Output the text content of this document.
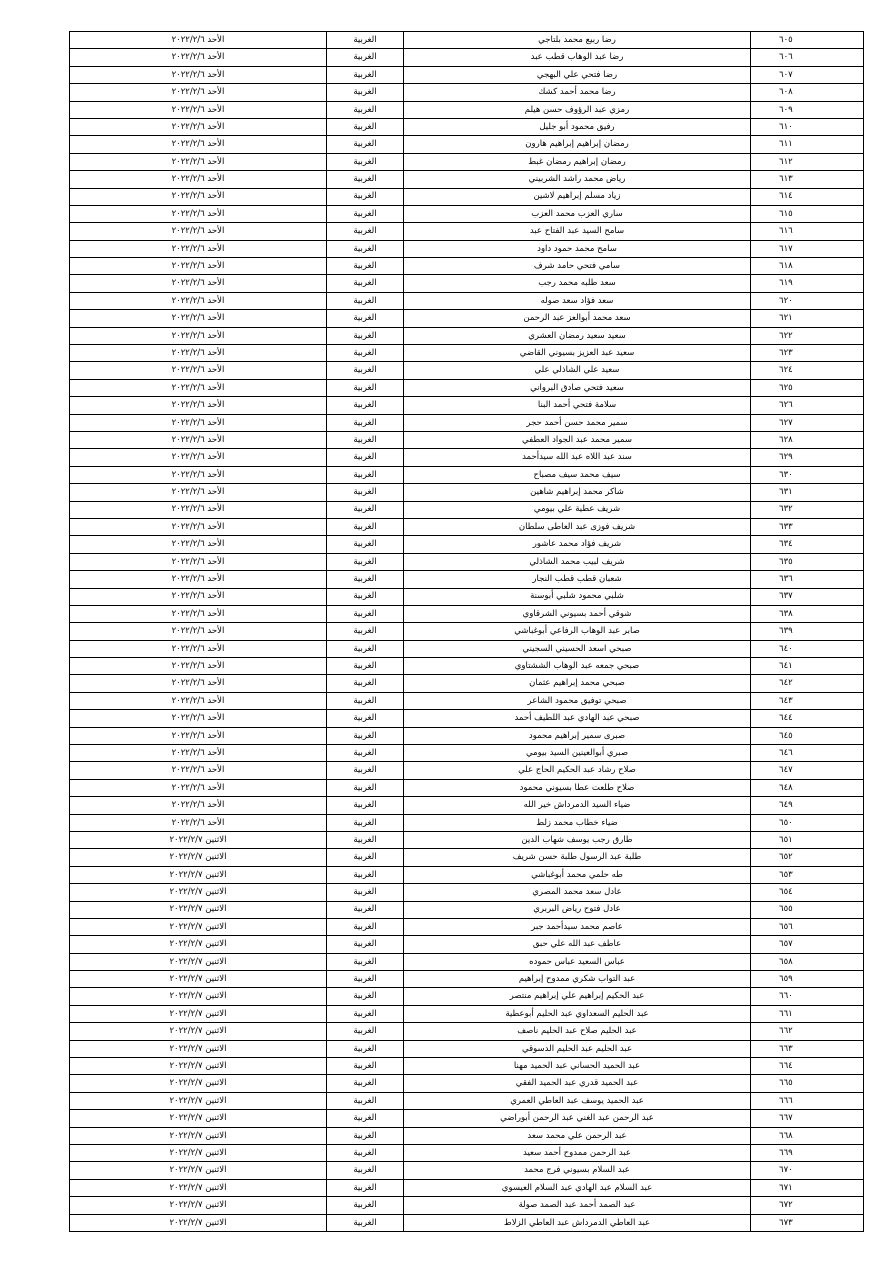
الأحد ٢٠٢٢/٢/٦	الغربية	رضا ربيع محمد بلتاجي	٦٠٥
الأحد ٢٠٢٢/٢/٦	الغربية	رضا عبد الوهاب قطب عبد	٦٠٦
الأحد ٢٠٢٢/٢/٦	الغربية	رضا فتحي علي البهجي	٦٠٧
الأحد ٢٠٢٢/٢/٦	الغربية	رضا محمد أحمد كشك	٦٠٨
الأحد ٢٠٢٢/٢/٦	الغربية	رمزي عبد الرؤوف حسن هيلم	٦٠٩
الأحد ٢٠٢٢/٢/٦	الغربية	رفيق محمود أبو جليل	٦١٠
الأحد ٢٠٢٢/٢/٦	الغربية	رمضان إبراهيم إبراهيم هارون	٦١١
الأحد ٢٠٢٢/٢/٦	الغربية	رمضان إبراهيم رمضان غبط	٦١٢
الأحد ٢٠٢٢/٢/٦	الغربية	رياض محمد راشد الشربيني	٦١٣
الأحد ٢٠٢٢/٢/٦	الغربية	زياد مسلم إبراهيم لاشين	٦١٤
الأحد ٢٠٢٢/٢/٦	الغربية	ساري العزب محمد العزب	٦١٥
الأحد ٢٠٢٢/٢/٦	الغربية	سامح السيد عبد الفتاح عبد	٦١٦
الأحد ٢٠٢٢/٢/٦	الغربية	سامح محمد حمود داود	٦١٧
الأحد ٢٠٢٢/٢/٦	الغربية	سامي فتحي حامد شرف	٦١٨
الأحد ٢٠٢٢/٢/٦	الغربية	سعد طلبه محمد رجب	٦١٩
الأحد ٢٠٢٢/٢/٦	الغربية	سعد فؤاد سعد صوله	٦٢٠
الأحد ٢٠٢٢/٢/٦	الغربية	سعد محمد أبوالعز عبد الرحمن	٦٢١
الأحد ٢٠٢٢/٢/٦	الغربية	سعيد سعيد رمضان العشري	٦٢٢
الأحد ٢٠٢٢/٢/٦	الغربية	سعيد عبد العزيز بسيوني القاضي	٦٢٣
الأحد ٢٠٢٢/٢/٦	الغربية	سعيد علي الشاذلي علي	٦٢٤
الأحد ٢٠٢٢/٢/٦	الغربية	سعيد فتحي صادق البرواني	٦٢٥
الأحد ٢٠٢٢/٢/٦	الغربية	سلامة فتحي أحمد البنا	٦٢٦
الأحد ٢٠٢٢/٢/٦	الغربية	سمير محمد حسن أحمد حجر	٦٢٧
الأحد ٢٠٢٢/٢/٦	الغربية	سمير محمد عبد الجواد العطفي	٦٢٨
الأحد ٢٠٢٢/٢/٦	الغربية	سند عبد اللاه عبد الله سيدأحمد	٦٢٩
الأحد ٢٠٢٢/٢/٦	الغربية	سيف محمد سيف مصباح	٦٣٠
الأحد ٢٠٢٢/٢/٦	الغربية	شاكر محمد إبراهيم شاهين	٦٣١
الأحد ٢٠٢٢/٢/٦	الغربية	شريف عطية علي بيومي	٦٣٢
الأحد ٢٠٢٢/٢/٦	الغربية	شريف فوزى عبد العاطى سلطان	٦٣٣
الأحد ٢٠٢٢/٢/٦	الغربية	شريف فؤاد محمد عاشور	٦٣٤
الأحد ٢٠٢٢/٢/٦	الغربية	شريف لبيب محمد الشاذلي	٦٣٥
الأحد ٢٠٢٢/٢/٦	الغربية	شعبان قطب قطب النجار	٦٣٦
الأحد ٢٠٢٢/٢/٦	الغربية	شلبي محمود شلبي أبوسنة	٦٣٧
الأحد ٢٠٢٢/٢/٦	الغربية	شوقي أحمد بسيوني الشرقاوي	٦٣٨
الأحد ٢٠٢٢/٢/٦	الغربية	صابر عبد الوهاب الرفاعي أبوغباشي	٦٣٩
الأحد ٢٠٢٢/٢/٦	الغربية	صبحي اسعد الحسيني السجيني	٦٤٠
الأحد ٢٠٢٢/٢/٦	الغربية	صبحي جمعه عبد الوهاب الششتاوي	٦٤١
الأحد ٢٠٢٢/٢/٦	الغربية	صبحي محمد إبراهيم عثمان	٦٤٢
الأحد ٢٠٢٢/٢/٦	الغربية	صبحي توفيق محمود الشاعر	٦٤٣
الأحد ٢٠٢٢/٢/٦	الغربية	صبحي عبد الهادي عبد اللطيف أحمد	٦٤٤
الأحد ٢٠٢٢/٢/٦	الغربية	صبرى سمير إبراهيم محمود	٦٤٥
الأحد ٢٠٢٢/٢/٦	الغربية	صبري أبوالعينين السيد بيومي	٦٤٦
الأحد ٢٠٢٢/٢/٦	الغربية	صلاح رشاد عبد الحكيم الحاج علي	٦٤٧
الأحد ٢٠٢٢/٢/٦	الغربية	صلاح طلعت عطا بسيوني محمود	٦٤٨
الأحد ٢٠٢٢/٢/٦	الغربية	ضياء السيد الدمرداش خير الله	٦٤٩
الأحد ٢٠٢٢/٢/٦	الغربية	ضياء خطاب محمد زلط	٦٥٠
الاثنين ٢٠٢٢/٢/٧	الغربية	طارق رجب يوسف شهاب الدين	٦٥١
الاثنين ٢٠٢٢/٢/٧	الغربية	طلبة عبد الرسول طلبة حسن شريف	٦٥٢
الاثنين ٢٠٢٢/٢/٧	الغربية	طه حلمي محمد أبوغباشي	٦٥٣
الاثنين ٢٠٢٢/٢/٧	الغربية	عادل سعد محمد المصري	٦٥٤
الاثنين ٢٠٢٢/٢/٧	الغربية	عادل فتوح رياض البربري	٦٥٥
الاثنين ٢٠٢٢/٢/٧	الغربية	عاصم محمد سيدأحمد جبر	٦٥٦
الاثنين ٢٠٢٢/٢/٧	الغربية	عاطف عبد الله علي حبق	٦٥٧
الاثنين ٢٠٢٢/٢/٧	الغربية	عباس السعيد عباس حموده	٦٥٨
الاثنين ٢٠٢٢/٢/٧	الغربية	عبد التواب شكري ممدوح إبراهيم	٦٥٩
الاثنين ٢٠٢٢/٢/٧	الغربية	عبد الحكيم إبراهيم علي إبراهيم منتصر	٦٦٠
الاثنين ٢٠٢٢/٢/٧	الغربية	عبد الحليم السعداوي عبد الحليم أبوعطية	٦٦١
الاثنين ٢٠٢٢/٢/٧	الغربية	عبد الحليم صلاح عبد الحليم ناصف	٦٦٢
الاثنين ٢٠٢٢/٢/٧	الغربية	عبد الحليم عبد الحليم الدسوقي	٦٦٣
الاثنين ٢٠٢٢/٢/٧	الغربية	عبد الحميد الحساني عبد الحميد مهنا	٦٦٤
الاثنين ٢٠٢٢/٢/٧	الغربية	عبد الحميد قدري عبد الحميد الفقي	٦٦٥
الاثنين ٢٠٢٢/٢/٧	الغربية	عبد الحميد يوسف عبد العاطي العمري	٦٦٦
الاثنين ٢٠٢٢/٢/٧	الغربية	عبد الرحمن عبد الغني عبد الرحمن أبوراضي	٦٦٧
الاثنين ٢٠٢٢/٢/٧	الغربية	عبد الرحمن علي محمد سعد	٦٦٨
الاثنين ٢٠٢٢/٢/٧	الغربية	عبد الرحمن ممدوح أحمد سعيد	٦٦٩
الاثنين ٢٠٢٢/٢/٧	الغربية	عبد السلام بسيوني فرج محمد	٦٧٠
الاثنين ٢٠٢٢/٢/٧	الغربية	عبد السلام عبد الهادي عبد السلام العيسوي	٦٧١
الاثنين ٢٠٢٢/٢/٧	الغربية	عبد الصمد أحمد عبد الصمد صولة	٦٧٢
الاثنين ٢٠٢٢/٢/٧	الغربية	عبد العاطي الدمرداش عبد العاطي الزلاط	٦٧٣
